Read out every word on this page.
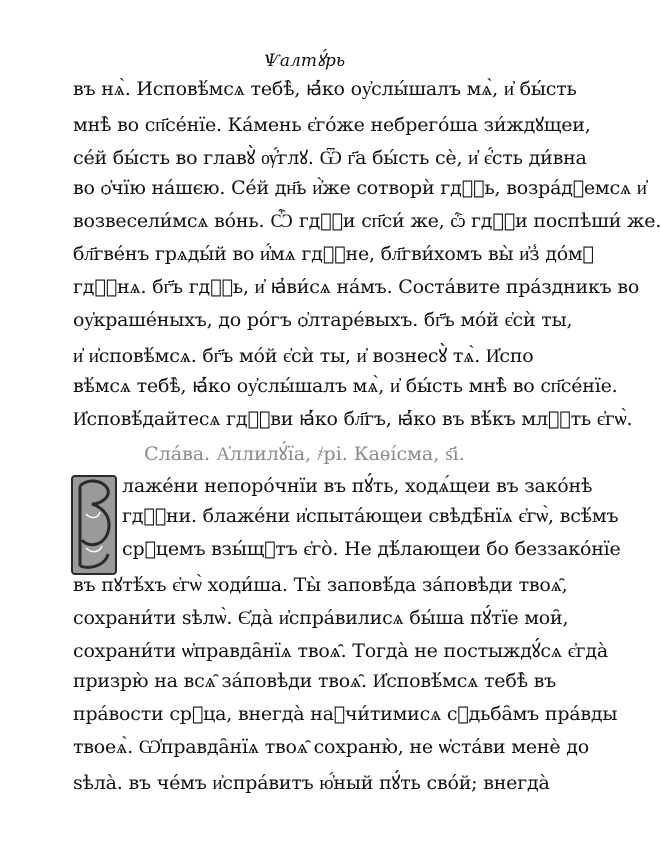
Ѱалтꙋ́рь
въ нѧ̀. Исповѣ́мсѧ тебѣ̀, ꙗ҆́ко оу҆слы́шалъ мѧ̀, и҆ бы́сть
мнѣ̀ во сп҃се́нїе. Ка́мень є҆го́же небрего́ша зи́ждꙋщеи,
се́й бы́сть во главꙋ̀ ѹ҆́глꙋ. Ѿ г҃а бы́сть сѐ, и҆ є҆́сть ди́вна
во ѻ҆чїю на́шєю. Се́й дн҃ь и҆̀же сотворѝ гдⷭ҇ь, возра́дꙋемсѧ и҆
возвесели́мсѧ во́нь. Ѽ гдⷭ҇и сп҃си́ же, ѽ гдⷭ҇и поспѣши́ же.
бл҃гве́нъ грѧды́й во и҆́мѧ гдⷭ҇не, бл҃гви́хомъ вы̀ и҆з̾ до́мꙋ
гдⷭ҇нѧ. бг҃ъ гдⷭ҇ь, и҆ ꙗ҆ви́сѧ на́мъ. Соста́вите пра́здникъ во
оу҆краше́ныхъ, до ро́гъ ѻ҆лтаре́выхъ. бг҃ъ мо́й є҆сѝ ты,
и҆ и҆сповѣ́мсѧ. бг҃ъ мо́й є҆сѝ ты, и҆ вознесꙋ̀ тѧ̀. И҆спо
вѣ́мсѧ тебѣ̀, ꙗ҆́ко оу҆слы́шалъ мѧ̀, и҆ бы́сть мнѣ̀ во сп҃се́нїе.
И҆сповѣ́дайтесѧ гдⷭ҇ви ꙗ҆́ко бл҃гъ, ꙗ҆́ко въ вѣ́къ млⷭ҇ть є҆гѡ̀.
Сла́ва. А҆ллилꙋ́їа, ҂рі. Каѳі́сма, ѕ҃і.
Б
лаже́ни непоро́чнїи въ пꙋ́ть, ходѧ́щеи въ зако́нѣ
гдⷭ҇ни. блаже́ни и҆спыта́ющеи свѣдѣ̑нїѧ є҆гѡ̀, всѣ́мъ
срⷣцемъ взы́щꙋтъ є҆го̀. Не дѣ́лающеи бо беззако́нїе
въ пꙋтѣ́хъ є҆гѡ̀ ходи́ша. Ты̀ заповѣ́да за́повѣди твоѧ̑,
сохрани́ти ѕѣлѡ̀. Є҆да̀ и҆спра́вилисѧ бы́ша пꙋ́тїе мои̑,
сохрани́ти ѡ҆правда̑нїѧ твоѧ̑. Тогда̀ не постыждꙋ́сѧ є҆гда̀
призрю̀ на всѧ̑ за́повѣди твоѧ̑. И҆сповѣ́мсѧ тебѣ̀ въ
пра́вости срⷣца, внегда̀ наꙋчи́тимисѧ сꙋдьба̑мъ пра́вды
твоеѧ̀. Ѡ҆правда̑нїѧ твоѧ̑ сохраню̀, не ѡ҆ста́ви менѐ до
ѕѣла̀. въ че́мъ и҆спра́витъ ю҆́ный пꙋ́ть сво́й; внегда̀
